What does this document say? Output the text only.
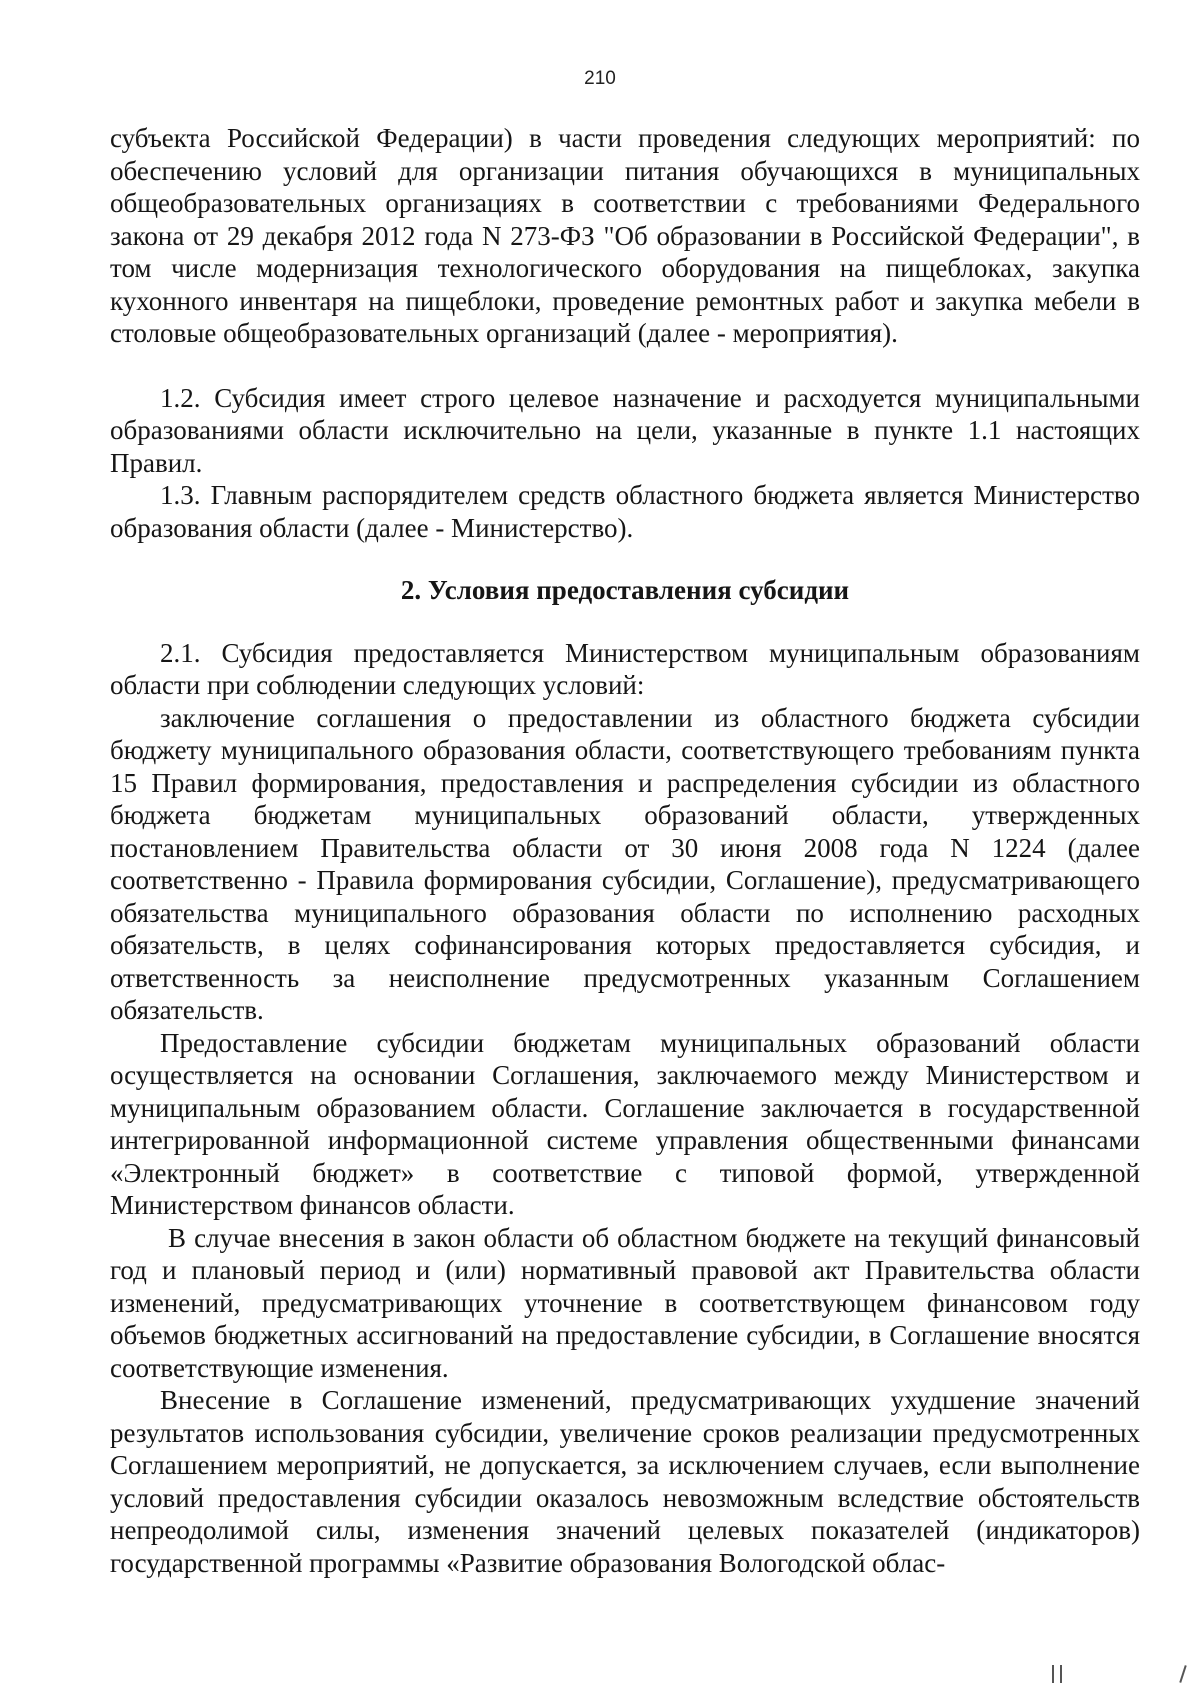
210

субъекта Российской Федерации) в части проведения следующих мероприятий: по обеспечению условий для организации питания обучающихся в муниципальных общеобразовательных организациях в соответствии с требованиями Федерального закона от 29 декабря 2012 года N 273-ФЗ "Об образовании в Российской Федерации", в том числе модернизация технологического оборудования на пищеблоках, закупка кухонного инвентаря на пищеблоки, проведение ремонтных работ и закупка мебели в столовые общеобразовательных организаций (далее - мероприятия).

1.2. Субсидия имеет строго целевое назначение и расходуется муниципальными образованиями области исключительно на цели, указанные в пункте 1.1 настоящих Правил.

1.3. Главным распорядителем средств областного бюджета является Министерство образования области (далее - Министерство).

2. Условия предоставления субсидии

2.1. Субсидия предоставляется Министерством муниципальным образованиям области при соблюдении следующих условий:

заключение соглашения о предоставлении из областного бюджета субсидии бюджету муниципального образования области, соответствующего требованиям пункта 15 Правил формирования, предоставления и распределения субсидии из областного бюджета бюджетам муниципальных образований области, утвержденных постановлением Правительства области от 30 июня 2008 года N 1224 (далее соответственно - Правила формирования субсидии, Соглашение), предусматривающего обязательства муниципального образования области по исполнению расходных обязательств, в целях софинансирования которых предоставляется субсидия, и ответственность за неисполнение предусмотренных указанным Соглашением обязательств.

Предоставление субсидии бюджетам муниципальных образований области осуществляется на основании Соглашения, заключаемого между Министерством и муниципальным образованием области. Соглашение заключается в государственной интегрированной информационной системе управления общественными финансами «Электронный бюджет» в соответствие с типовой формой, утвержденной Министерством финансов области.

В случае внесения в закон области об областном бюджете на текущий финансовый год и плановый период и (или) нормативный правовой акт Правительства области изменений, предусматривающих уточнение в соответствующем финансовом году объемов бюджетных ассигнований на предоставление субсидии, в Соглашение вносятся соответствующие изменения.

Внесение в Соглашение изменений, предусматривающих ухудшение значений результатов использования субсидии, увеличение сроков реализации предусмотренных Соглашением мероприятий, не допускается, за исключением случаев, если выполнение условий предоставления субсидии оказалось невозможным вследствие обстоятельств непреодолимой силы, изменения значений целевых показателей (индикаторов) государственной программы «Развитие образования Вологодской облас-
